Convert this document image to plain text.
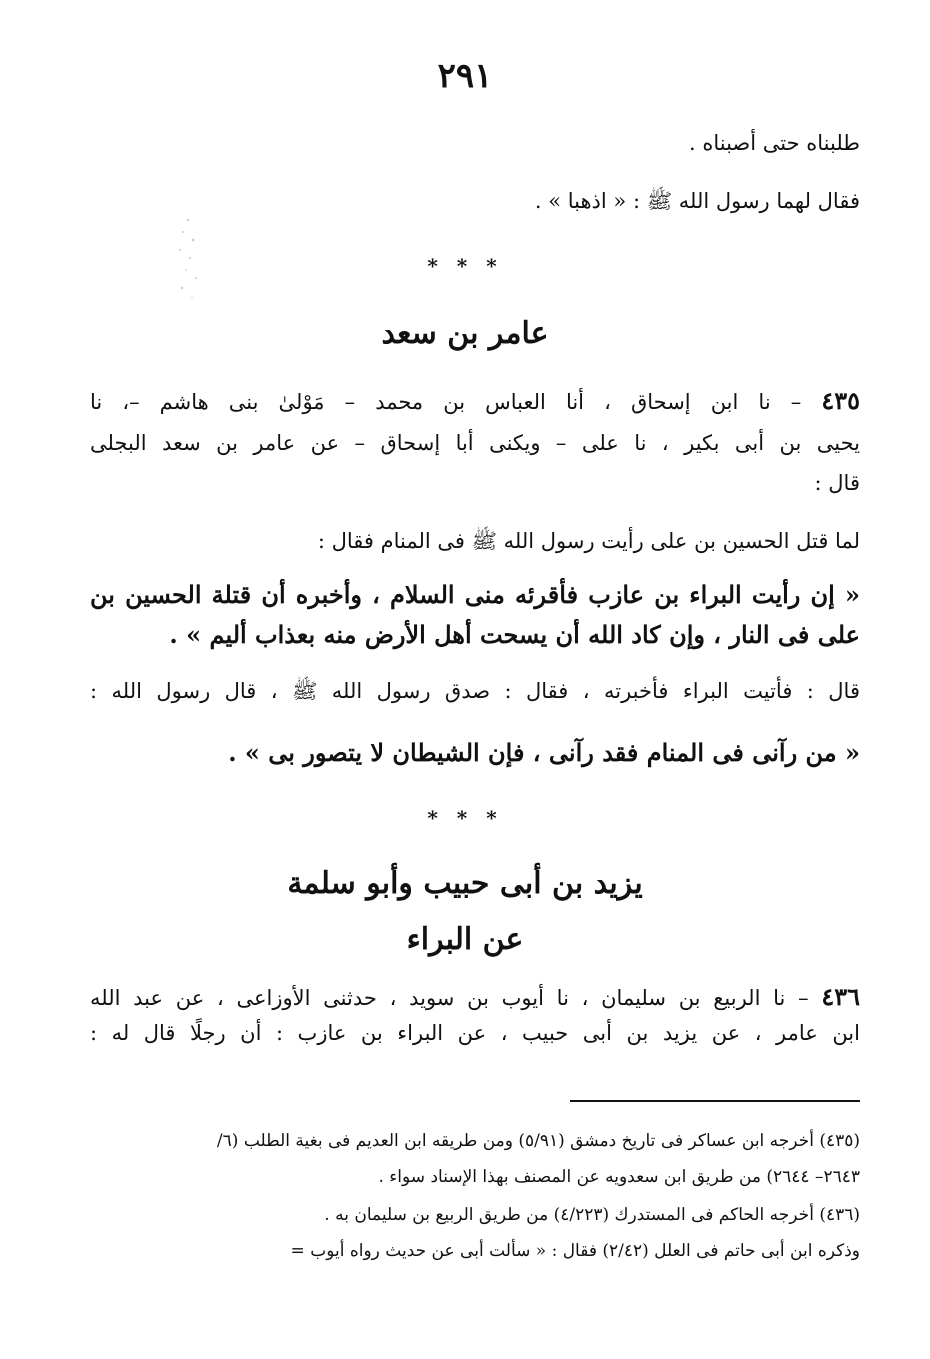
٢٩١
طلبناه حتى أصبناه .
فقال لهما رسول الله ﷺ : « اذهبا » .
* * *
عامر بن سعد
٤٣٥ – نا ابن إسحاق ، أنا العباس بن محمد – مَوْلىٰ بنى هاشم –، نا
يحيى بن أبى بكير ، نا على – ويكنى أبا إسحاق – عن عامر بن سعد البجلى
قال :
لما قتل الحسين بن على رأيت رسول الله ﷺ فى المنام فقال :
« إن رأيت البراء بن عازب فأقرئه منى السلام ، وأخبره أن قتلة الحسين بن
على فى النار ، وإن كاد الله أن يسحت أهل الأرض منه بعذاب أليم » .
قال : فأتيت البراء فأخبرته ، فقال : صدق رسول الله ﷺ ، قال رسول الله :
« من رآنى فى المنام فقد رآنى ، فإن الشيطان لا يتصور بى » .
* * *
يزيد بن أبى حبيب وأبو سلمة
عن البراء
٤٣٦ – نا الربيع بن سليمان ، نا أيوب بن سويد ، حدثنى الأوزاعى ، عن عبد الله
ابن عامر ، عن يزيد بن أبى حبيب ، عن البراء بن عازب : أن رجلًا قال له :
(٤٣٥) أخرجه ابن عساكر فى تاريخ دمشق (٥/٩١) ومن طريقه ابن العديم فى بغية الطلب (٦/
٢٦٤٣– ٢٦٤٤) من طريق ابن سعدويه عن المصنف بهذا الإسناد سواء .
(٤٣٦) أخرجه الحاكم فى المستدرك (٤/٢٢٣) من طريق الربيع بن سليمان به .
وذكره ابن أبى حاتم فى العلل (٢/٤٢) فقال : « سألت أبى عن حديث رواه أيوب =
